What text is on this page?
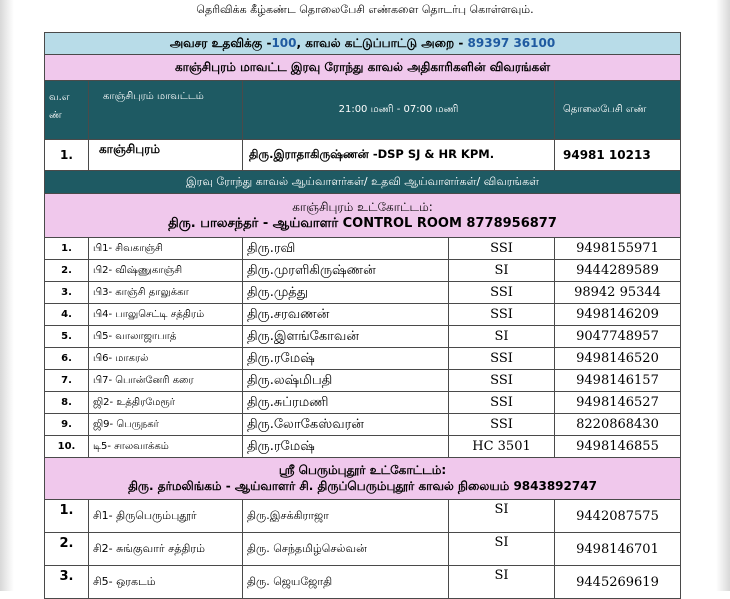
தெரிவிக்க கீழ்கண்ட தொலைபேசி எண்களை தொடர்பு கொள்ளவும்.
அவசர உதவிக்கு -100, காவல் கட்டுப்பாட்டு அறை - 89397 36100				
காஞ்சிபுரம் மாவட்ட இரவு ரோந்து காவல் அதிகாரிகளின் விவரங்கள்				
வ.எ
ண்	காஞ்சிபுரம் மாவட்டம்	21:00 மணி - 07:00 மணி		தொலைபேசி எண்
1.	காஞ்சிபுரம்	திரு.இராதாகிருஷ்ணன் -DSP SJ & HR KPM.		94981 10213
இரவு ரோந்து காவல் ஆய்வாளர்கள்/ உதவி ஆய்வாளர்கள்/ விவரங்கள்				

காஞ்சிபுரம் உட்கோட்டம்:
திரு. பாலசந்தர் - ஆய்வாளர் CONTROL ROOM 8778956877				

1.	பி1- சிவகாஞ்சி	திரு.ரவி	SSI	9498155971
2.	பி2- விஷ்ணுகாஞ்சி	திரு.முரளிகிருஷ்ணன்	SI	9444289589
3.	பி3- காஞ்சி தாலுக்கா	திரு.முத்து	SSI	98942 95344
4.	பி4- பாலுசெட்டி சத்திரம்	திரு.சரவணன்	SSI	9498146209
5.	பி5- வாலாஜாபாத்	திரு.இளங்கோவன்	SI	9047748957
6.	பி6- மாகரல்	திரு.ரமேஷ்	SSI	9498146520
7.	பி7- பொன்னேரி கரை	திரு.லஷ்மிபதி	SSI	9498146157
8.	ஜி2- உத்திரமேரூர்	திரு.சுப்ரமணி	SSI	9498146527
9.	ஜி9- பெருநகர்	திரு.லோகேஸ்வரன்	SSI	8220868430
10.	டி5- சாலவாக்கம்	திரு.ரமேஷ்	HC 3501	9498146855

ஸ்ரீ பெரும்புதூர் உட்கோட்டம்:
திரு. தர்மலிங்கம் - ஆய்வாளர் சி. திருப்பெரும்புதூர் காவல் நிலையம் 9843892747				

1.	சி1- திருபெரும்புதூர்	திரு.இசக்கிராஜா	SI	9442087575
2.	சி2- சுங்குவார் சத்திரம்	திரு. செந்தமிழ்செல்வன்	SI	9498146701
3.	சி5- ஒரகடம்	திரு. ஜெயஜோதி	SI	9445269619
